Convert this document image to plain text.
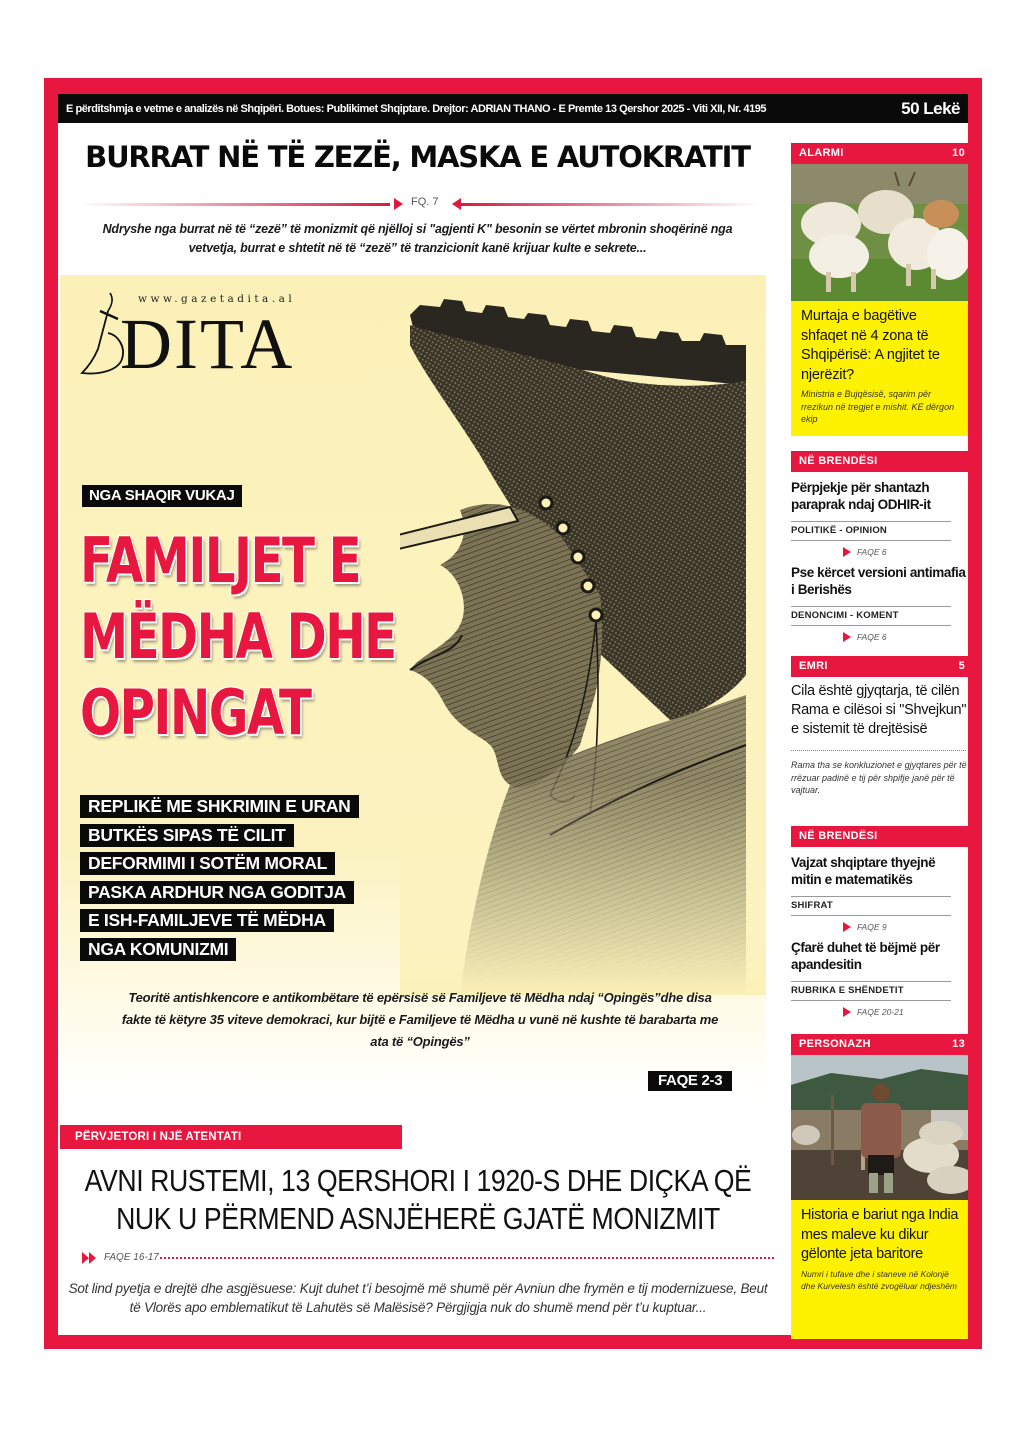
E përditshmja e vetme e analizës në Shqipëri. Botues: Publikimet Shqiptare. Drejtor: ADRIAN THANO - E Premte 13 Qershor 2025 - Viti XII, Nr. 4195	50 Lekë
BURRAT NË TË ZEZË, MASKA E AUTOKRATIT
FQ. 7
Ndryshe nga burrat në të “zezë” të monizmit që njëlloj si "agjenti K" besonin se vërtet mbronin shoqërinë nga vetvetja, burrat e shtetit në të “zezë” të tranzicionit kanë krijuar kulte e sekrete...
www.gazetadita.al
DITA
NGA SHAQIR VUKAJ
FAMILJET E
MËDHA DHE
OPINGAT
REPLIKË ME SHKRIMIN E URAN
BUTKËS SIPAS TË CILIT
DEFORMIMI I SOTËM MORAL
PASKA ARDHUR NGA GODITJA
E ISH-FAMILJEVE TË MËDHA
NGA KOMUNIZMI
Teoritë antishkencore e antikombëtare të epërsisë së Familjeve të Mëdha ndaj “Opingës”dhe disa fakte të këtyre 35 viteve demokraci, kur bijtë e Familjeve të Mëdha u vunë në kushte të barabarta me ata të “Opingës”
FAQE 2-3
PËRVJETORI I NJË ATENTATI
AVNI RUSTEMI, 13 QERSHORI I 1920-S DHE DIÇKA QË NUK U PËRMEND ASNJËHERË GJATË MONIZMIT
FAQE 16-17
Sot lind pyetja e drejtë dhe asgjësuese: Kujt duhet t’i besojmë më shumë për Avniun dhe frymën e tij modernizuese, Beut të Vlorës apo emblematikut të Lahutës së Malësisë? Përgjigja nuk do shumë mend për t’u kuptuar...
ALARMI	10
Murtaja e bagëtive shfaqet në 4 zona të Shqipërisë: A ngjitet te njerëzit?
Ministria e Bujqësisë, sqarim për rrezikun në tregjet e mishit. KE dërgon ekip
NË BRENDËSI
Përpjekje për shantazh paraprak ndaj ODHIR-it
POLITIKË - OPINION
FAQE 6
Pse kërcet versioni antimafia i Berishës
DENONCIMI - KOMENT
FAQE 6
EMRI	5
Cila është gjyqtarja, të cilën Rama e cilësoi si "Shvejkun" e sistemit të drejtësisë
Rama tha se konkluzionet e gjyqtares për të rrëzuar padinë e tij për shpifje janë për të vajtuar.
NË BRENDËSI
Vajzat shqiptare thyejnë mitin e matematikës
SHIFRAT
FAQE 9
Çfarë duhet të bëjmë për apandesitin
RUBRIKA E SHËNDETIT
FAQE 20-21
PERSONAZH	13
Historia e bariut nga India mes maleve ku dikur gëlonte jeta baritore
Numri i tufave dhe i staneve në Kolonjë dhe Kurvelesh është zvogëluar ndjeshëm
